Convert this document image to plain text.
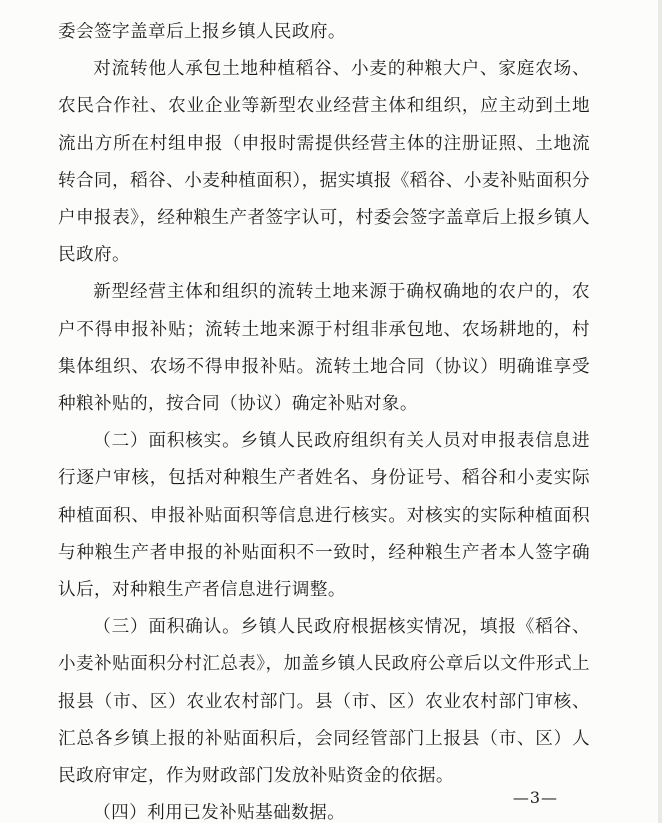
委会签字盖章后上报乡镇人民政府。

对流转他人承包土地种植稻谷、小麦的种粮大户、家庭农场、农民合作社、农业企业等新型农业经营主体和组织，应主动到土地流出方所在村组申报（申报时需提供经营主体的注册证照、土地流转合同，稻谷、小麦种植面积），据实填报《稻谷、小麦补贴面积分户申报表》，经种粮生产者签字认可，村委会签字盖章后上报乡镇人民政府。

新型经营主体和组织的流转土地来源于确权确地的农户的，农户不得申报补贴；流转土地来源于村组非承包地、农场耕地的，村集体组织、农场不得申报补贴。流转土地合同（协议）明确谁享受种粮补贴的，按合同（协议）确定补贴对象。

（二）面积核实。乡镇人民政府组织有关人员对申报表信息进行逐户审核，包括对种粮生产者姓名、身份证号、稻谷和小麦实际种植面积、申报补贴面积等信息进行核实。对核实的实际种植面积与种粮生产者申报的补贴面积不一致时，经种粮生产者本人签字确认后，对种粮生产者信息进行调整。

（三）面积确认。乡镇人民政府根据核实情况，填报《稻谷、小麦补贴面积分村汇总表》，加盖乡镇人民政府公章后以文件形式上报县（市、区）农业农村部门。县（市、区）农业农村部门审核、汇总各乡镇上报的补贴面积后，会同经管部门上报县（市、区）人民政府审定，作为财政部门发放补贴资金的依据。

（四）利用已发补贴基础数据。

—3—
